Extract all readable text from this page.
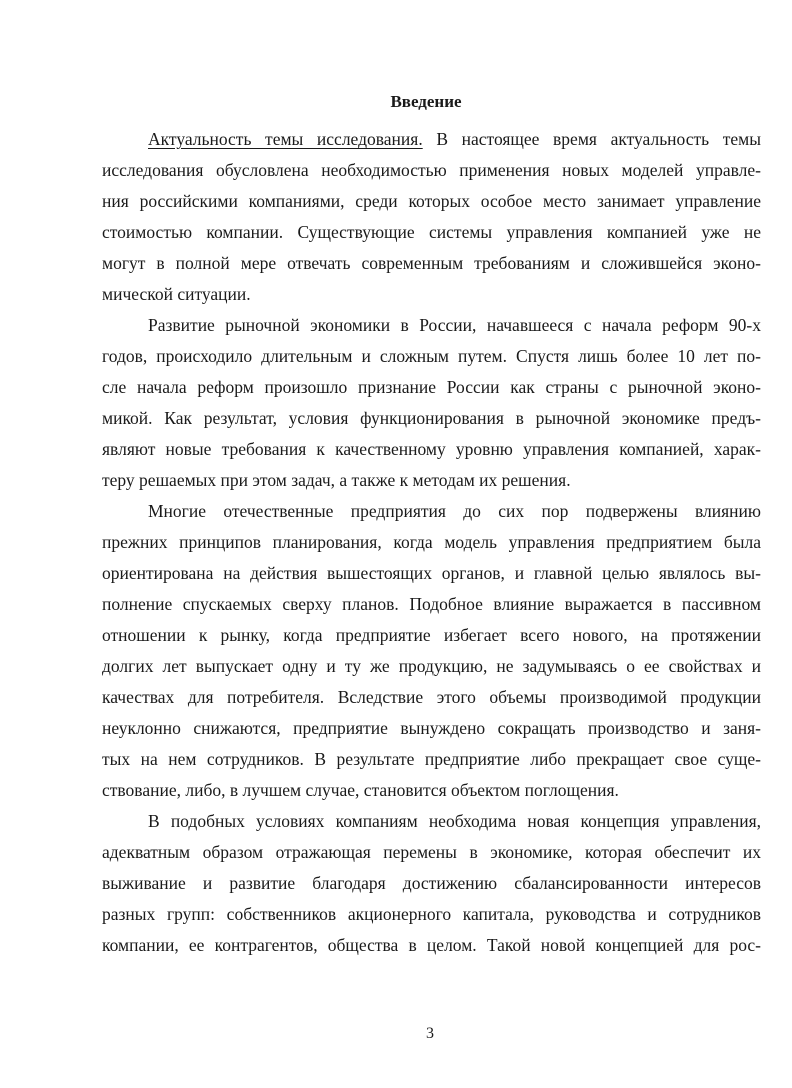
Введение
Актуальность темы исследования. В настоящее время актуальность темы
исследования обусловлена необходимостью применения новых моделей управле-
ния российскими компаниями, среди которых особое место занимает управление
стоимостью компании. Существующие системы управления компанией уже не
могут в полной мере отвечать современным требованиям и сложившейся эконо-
мической ситуации.
Развитие рыночной экономики в России, начавшееся с начала реформ 90-х
годов, происходило длительным и сложным путем. Спустя лишь более 10 лет по-
сле начала реформ произошло признание России как страны с рыночной эконо-
микой. Как результат, условия функционирования в рыночной экономике предъ-
являют новые требования к качественному уровню управления компанией, харак-
теру решаемых при этом задач, а также к методам их решения.
Многие отечественные предприятия до сих пор подвержены влиянию
прежних принципов планирования, когда модель управления предприятием была
ориентирована на действия вышестоящих органов, и главной целью являлось вы-
полнение спускаемых сверху планов. Подобное влияние выражается в пассивном
отношении к рынку, когда предприятие избегает всего нового, на протяжении
долгих лет выпускает одну и ту же продукцию, не задумываясь о ее свойствах и
качествах для потребителя. Вследствие этого объемы производимой продукции
неуклонно снижаются, предприятие вынуждено сокращать производство и заня-
тых на нем сотрудников. В результате предприятие либо прекращает свое суще-
ствование, либо, в лучшем случае, становится объектом поглощения.
В подобных условиях компаниям необходима новая концепция управления,
адекватным образом отражающая перемены в экономике, которая обеспечит их
выживание и развитие благодаря достижению сбалансированности интересов
разных групп: собственников акционерного капитала, руководства и сотрудников
компании, ее контрагентов, общества в целом. Такой новой концепцией для рос-
3
